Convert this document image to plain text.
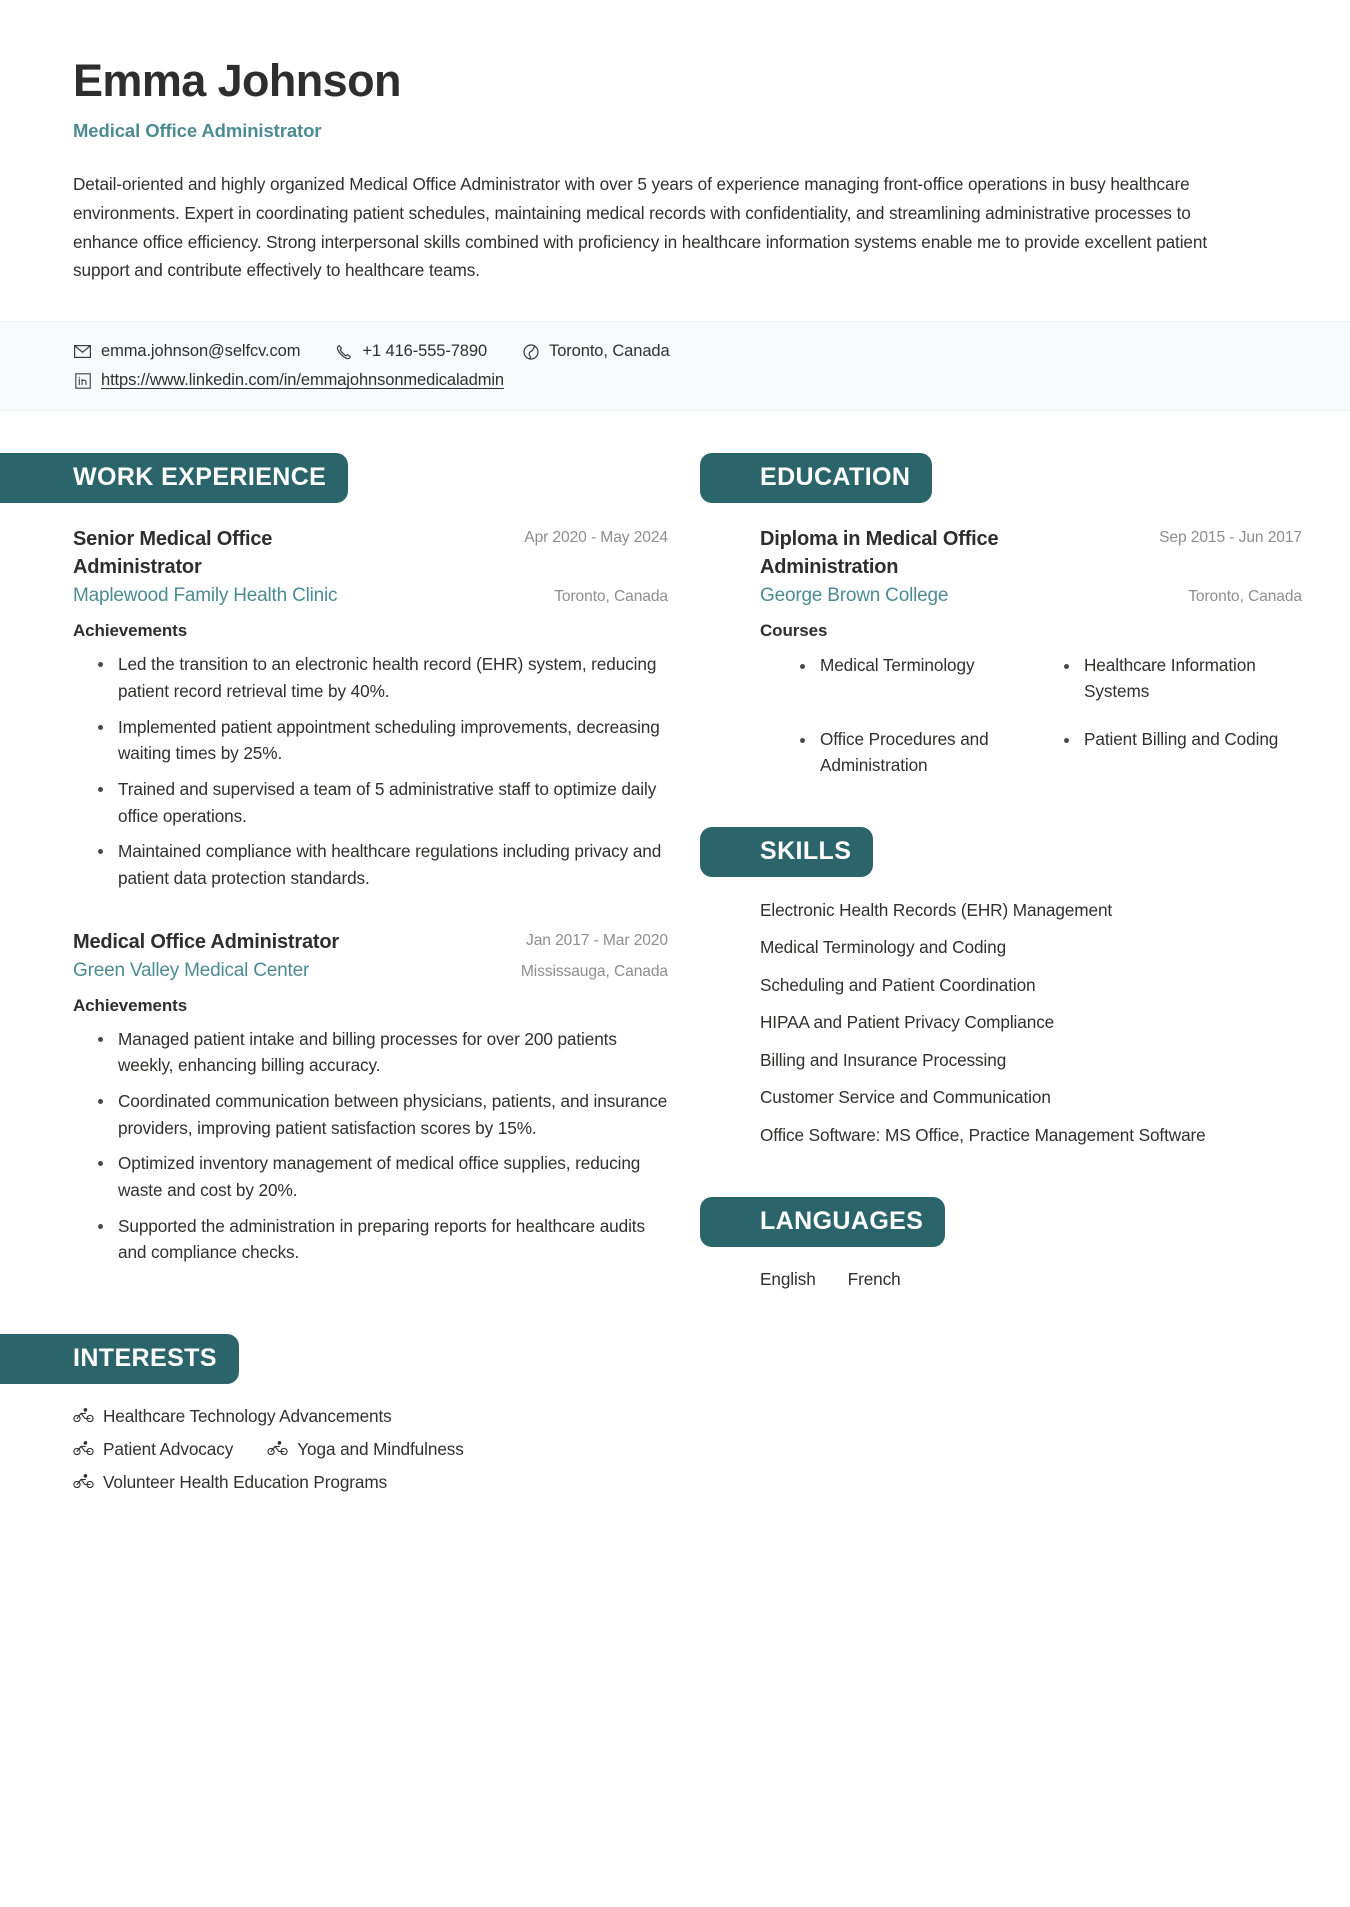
Emma Johnson
Medical Office Administrator
Detail-oriented and highly organized Medical Office Administrator with over 5 years of experience managing front-office operations in busy healthcare environments. Expert in coordinating patient schedules, maintaining medical records with confidentiality, and streamlining administrative processes to enhance office efficiency. Strong interpersonal skills combined with proficiency in healthcare information systems enable me to provide excellent patient support and contribute effectively to healthcare teams.
emma.johnson@selfcv.com	+1 416-555-7890	Toronto, Canada
https://www.linkedin.com/in/emmajohnsonmedicaladmin
WORK EXPERIENCE
Senior Medical Office Administrator
Apr 2020 - May 2024
Maplewood Family Health Clinic	Toronto, Canada
Achievements
Led the transition to an electronic health record (EHR) system, reducing patient record retrieval time by 40%.
Implemented patient appointment scheduling improvements, decreasing waiting times by 25%.
Trained and supervised a team of 5 administrative staff to optimize daily office operations.
Maintained compliance with healthcare regulations including privacy and patient data protection standards.
Medical Office Administrator	Jan 2017 - Mar 2020
Green Valley Medical Center	Mississauga, Canada
Achievements
Managed patient intake and billing processes for over 200 patients weekly, enhancing billing accuracy.
Coordinated communication between physicians, patients, and insurance providers, improving patient satisfaction scores by 15%.
Optimized inventory management of medical office supplies, reducing waste and cost by 20%.
Supported the administration in preparing reports for healthcare audits and compliance checks.
INTERESTS
Healthcare Technology Advancements
Patient Advocacy	Yoga and Mindfulness
Volunteer Health Education Programs
EDUCATION
Diploma in Medical Office Administration
Sep 2015 - Jun 2017
George Brown College	Toronto, Canada
Courses
Medical Terminology	Healthcare Information Systems
Office Procedures and Administration
Patient Billing and Coding
SKILLS
Electronic Health Records (EHR) Management
Medical Terminology and Coding
Scheduling and Patient Coordination
HIPAA and Patient Privacy Compliance
Billing and Insurance Processing
Customer Service and Communication
Office Software: MS Office, Practice Management Software
LANGUAGES
English French
